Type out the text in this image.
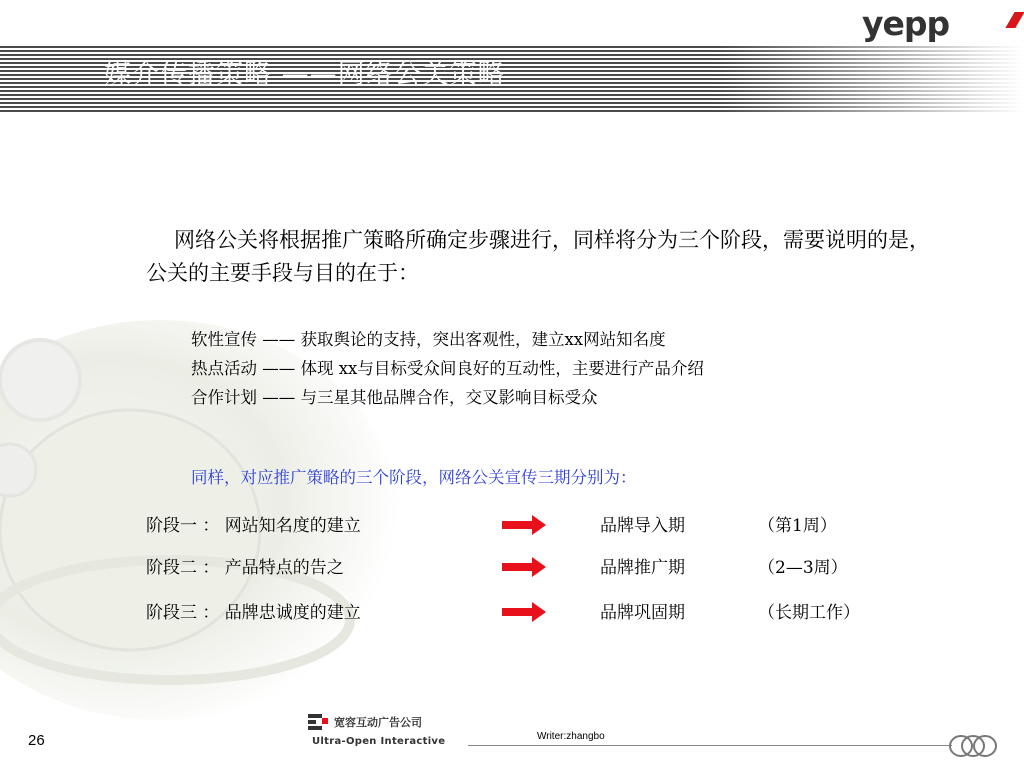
媒介传播策略 ——网络公关策略
yepp
网络公关将根据推广策略所确定步骤进行，同样将分为三个阶段，需要说明的是，公关的主要手段与目的在于：
软性宣传 —— 获取舆论的支持，突出客观性，建立xx网站知名度
热点活动 —— 体现 xx与目标受众间良好的互动性，主要进行产品介绍
合作计划 —— 与三星其他品牌合作，交叉影响目标受众
同样，对应推广策略的三个阶段，网络公关宣传三期分别为：
阶段一 ： 网站知名度的建立	品牌导入期	（第1周）
阶段二 ： 产品特点的告之	品牌推广期	（2—3周）
阶段三 ： 品牌忠诚度的建立	品牌巩固期	（长期工作）
26
宽容互动广告公司
Ultra-Open Interactive	Writer:zhangbo
